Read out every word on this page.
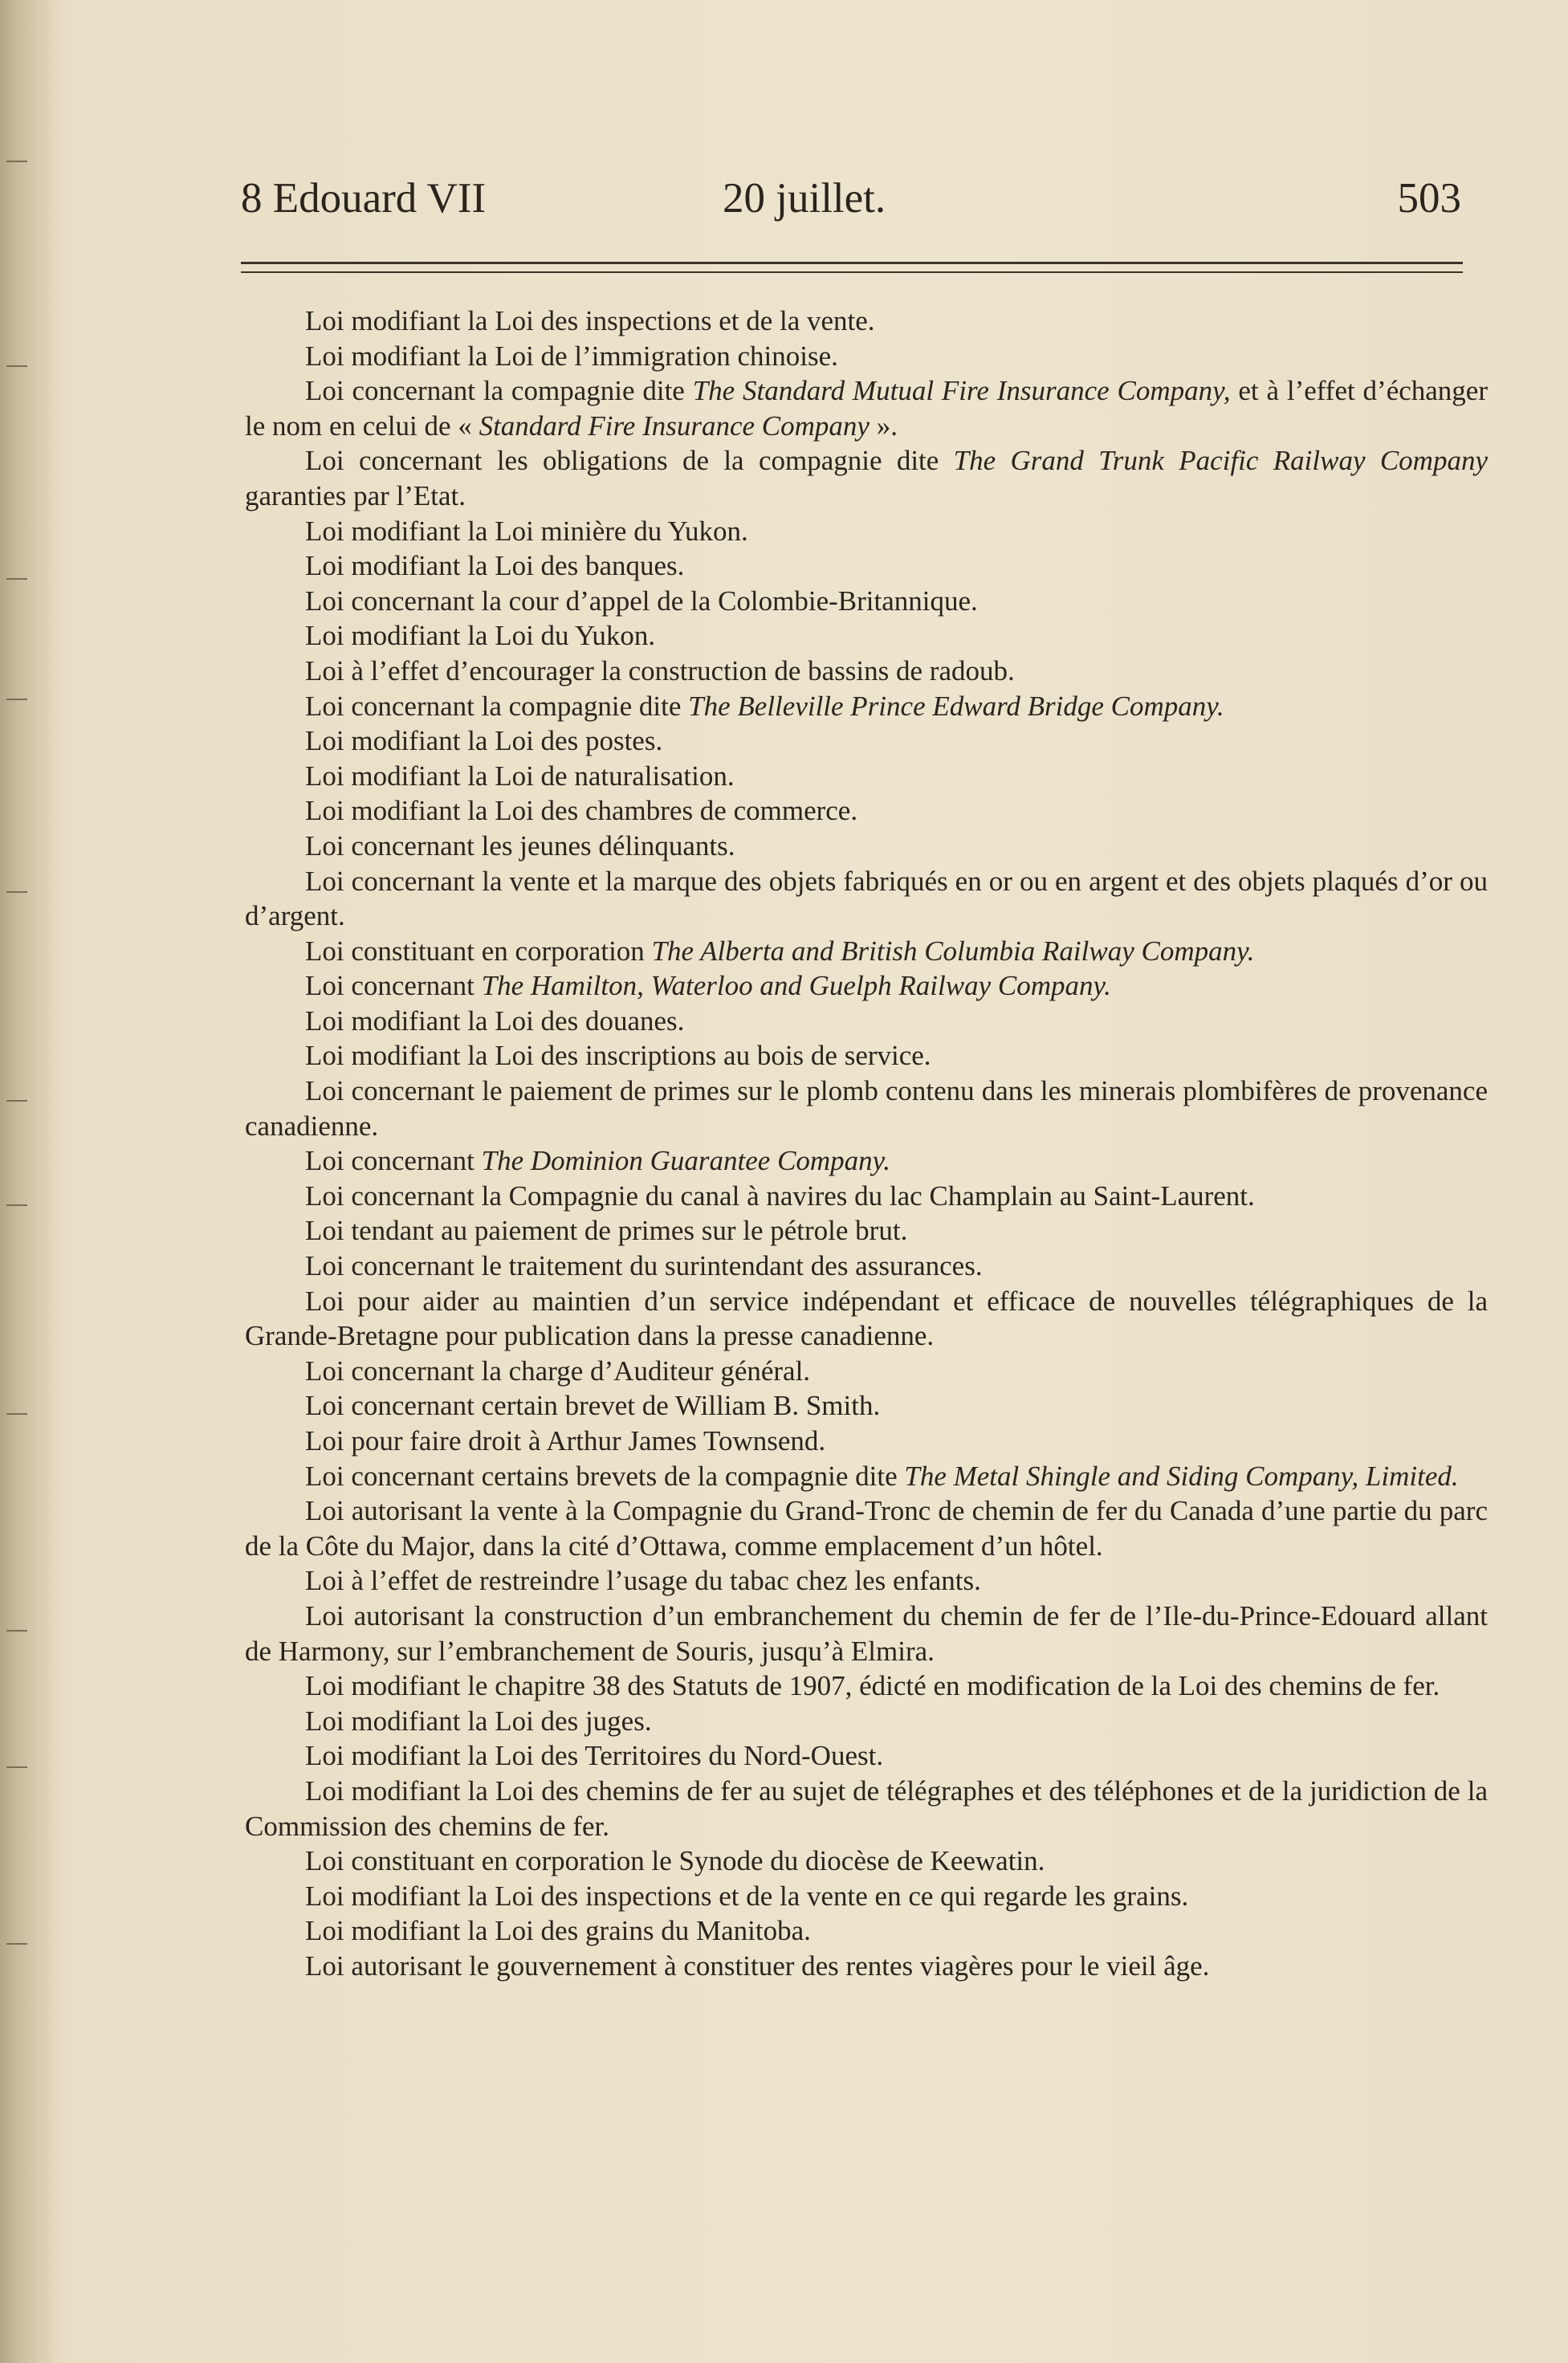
8 Edouard VII	20 juillet.	503

Loi modifiant la Loi des inspections et de la vente.

Loi modifiant la Loi de l’immigration chinoise.

Loi concernant la compagnie dite The Standard Mutual Fire Insurance Company, et à l’effet d’échanger le nom en celui de « Standard Fire Insurance Company ».

Loi concernant les obligations de la compagnie dite The Grand Trunk Pacific Railway Company garanties par l’Etat.

Loi modifiant la Loi minière du Yukon.

Loi modifiant la Loi des banques.

Loi concernant la cour d’appel de la Colombie-Britannique.

Loi modifiant la Loi du Yukon.

Loi à l’effet d’encourager la construction de bassins de radoub.

Loi concernant la compagnie dite The Belleville Prince Edward Bridge Company.

Loi modifiant la Loi des postes.

Loi modifiant la Loi de naturalisation.

Loi modifiant la Loi des chambres de commerce.

Loi concernant les jeunes délinquants.

Loi concernant la vente et la marque des objets fabriqués en or ou en argent et des objets plaqués d’or ou d’argent.

Loi constituant en corporation The Alberta and British Columbia Railway Company.

Loi concernant The Hamilton, Waterloo and Guelph Railway Company.

Loi modifiant la Loi des douanes.

Loi modifiant la Loi des inscriptions au bois de service.

Loi concernant le paiement de primes sur le plomb contenu dans les minerais plombifères de provenance canadienne.

Loi concernant The Dominion Guarantee Company.

Loi concernant la Compagnie du canal à navires du lac Champlain au Saint-Laurent.

Loi tendant au paiement de primes sur le pétrole brut.

Loi concernant le traitement du surintendant des assurances.

Loi pour aider au maintien d’un service indépendant et efficace de nouvelles télégraphiques de la Grande-Bretagne pour publication dans la presse canadienne.

Loi concernant la charge d’Auditeur général.

Loi concernant certain brevet de William B. Smith.

Loi pour faire droit à Arthur James Townsend.

Loi concernant certains brevets de la compagnie dite The Metal Shingle and Siding Company, Limited.

Loi autorisant la vente à la Compagnie du Grand-Tronc de chemin de fer du Canada d’une partie du parc de la Côte du Major, dans la cité d’Ottawa, comme emplacement d’un hôtel.

Loi à l’effet de restreindre l’usage du tabac chez les enfants.

Loi autorisant la construction d’un embranchement du chemin de fer de l’Ile-du-Prince-Edouard allant de Harmony, sur l’embranchement de Souris, jusqu’à Elmira.

Loi modifiant le chapitre 38 des Statuts de 1907, édicté en modification de la Loi des chemins de fer.

Loi modifiant la Loi des juges.

Loi modifiant la Loi des Territoires du Nord-Ouest.

Loi modifiant la Loi des chemins de fer au sujet de télégraphes et des téléphones et de la juridiction de la Commission des chemins de fer.

Loi constituant en corporation le Synode du diocèse de Keewatin.

Loi modifiant la Loi des inspections et de la vente en ce qui regarde les grains.

Loi modifiant la Loi des grains du Manitoba.

Loi autorisant le gouvernement à constituer des rentes viagères pour le vieil âge.
